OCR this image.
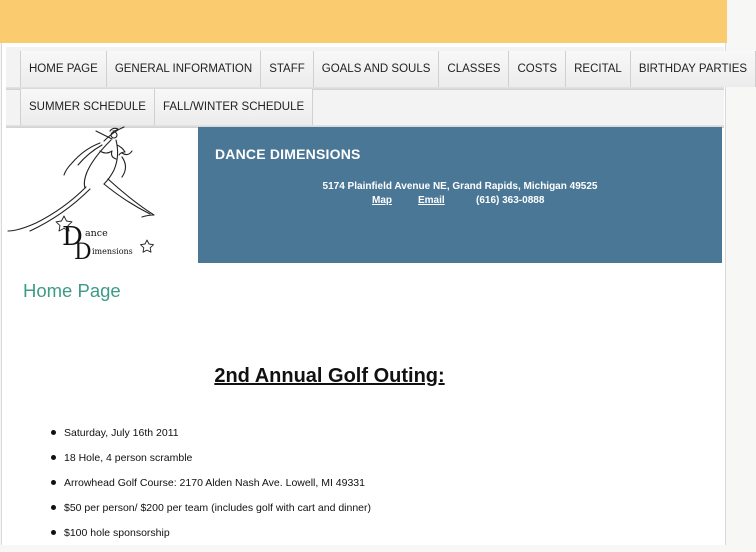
HOME PAGE	GENERAL INFORMATION	STAFF	GOALS AND SOULS	CLASSES	COSTS	RECITAL	BIRTHDAY PARTIES
SUMMER SCHEDULE	FALL/WINTER SCHEDULE
D
D
ance
imensions
DANCE DIMENSIONS
5174 Plainfield Avenue NE, Grand Rapids, Michigan 49525
Map	Email	(616) 363-0888
Home Page
2nd Annual Golf Outing:
Saturday, July 16th 2011
18 Hole, 4 person scramble
Arrowhead Golf Course: 2170 Alden Nash Ave. Lowell, MI 49331
$50 per person/ $200 per team (includes golf with cart and dinner)
$100 hole sponsorship
